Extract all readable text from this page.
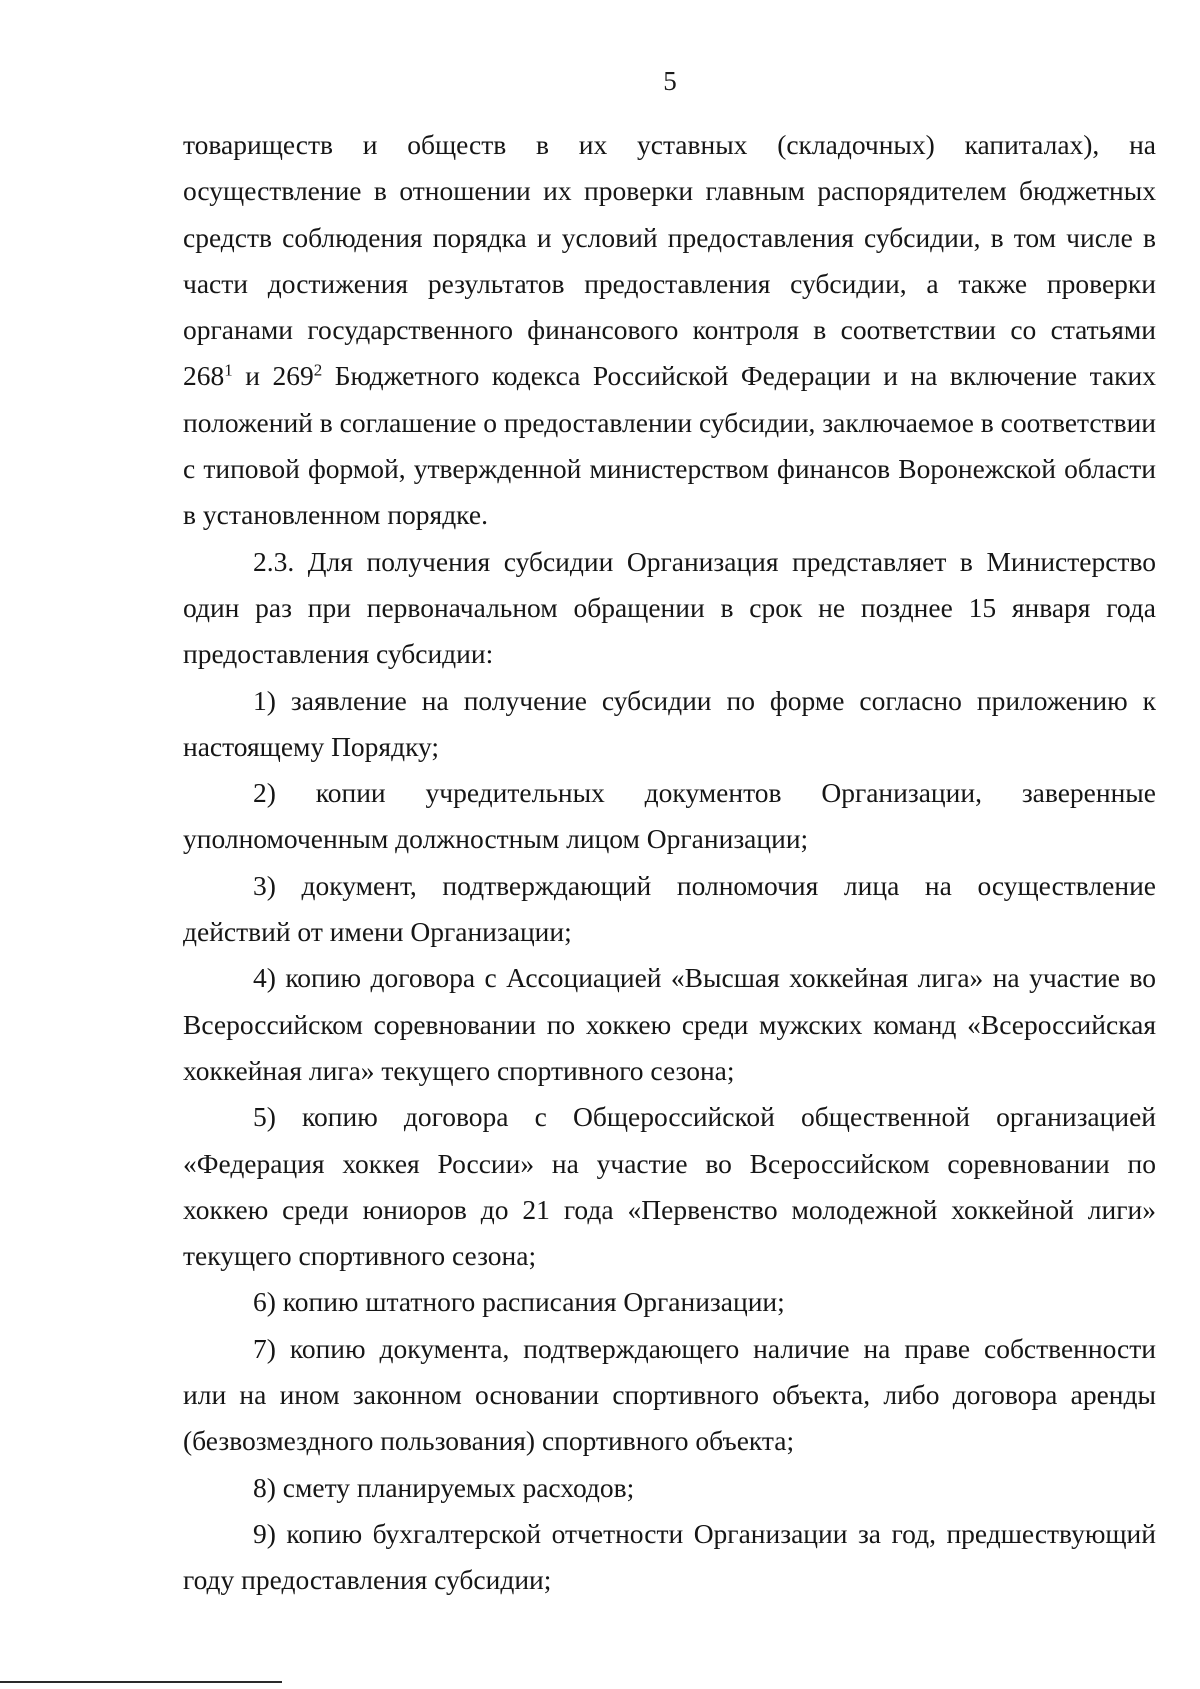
5

товариществ и обществ в их уставных (складочных) капиталах), на осуществление в отношении их проверки главным распорядителем бюджетных средств соблюдения порядка и условий предоставления субсидии, в том числе в части достижения результатов предоставления субсидии, а также проверки органами государственного финансового контроля в соответствии со статьями $268^1$ и $269^2$ Бюджетного кодекса Российской Федерации и на включение таких положений в соглашение о предоставлении субсидии, заключаемое в соответствии с типовой формой, утвержденной министерством финансов Воронежской области в установленном порядке.

2.3. Для получения субсидии Организация представляет в Министерство один раз при первоначальном обращении в срок не позднее 15 января года предоставления субсидии:

1) заявление на получение субсидии по форме согласно приложению к настоящему Порядку;

2) копии учредительных документов Организации, заверенные уполномоченным должностным лицом Организации;

3) документ, подтверждающий полномочия лица на осуществление действий от имени Организации;

4) копию договора с Ассоциацией «Высшая хоккейная лига» на участие во Всероссийском соревновании по хоккею среди мужских команд «Всероссийская хоккейная лига» текущего спортивного сезона;

5) копию договора с Общероссийской общественной организацией «Федерация хоккея России» на участие во Всероссийском соревновании по хоккею среди юниоров до 21 года «Первенство молодежной хоккейной лиги» текущего спортивного сезона;

6) копию штатного расписания Организации;

7) копию документа, подтверждающего наличие на праве собственности или на ином законном основании спортивного объекта, либо договора аренды (безвозмездного пользования) спортивного объекта;

8) смету планируемых расходов;

9) копию бухгалтерской отчетности Организации за год, предшествующий году предоставления субсидии;
